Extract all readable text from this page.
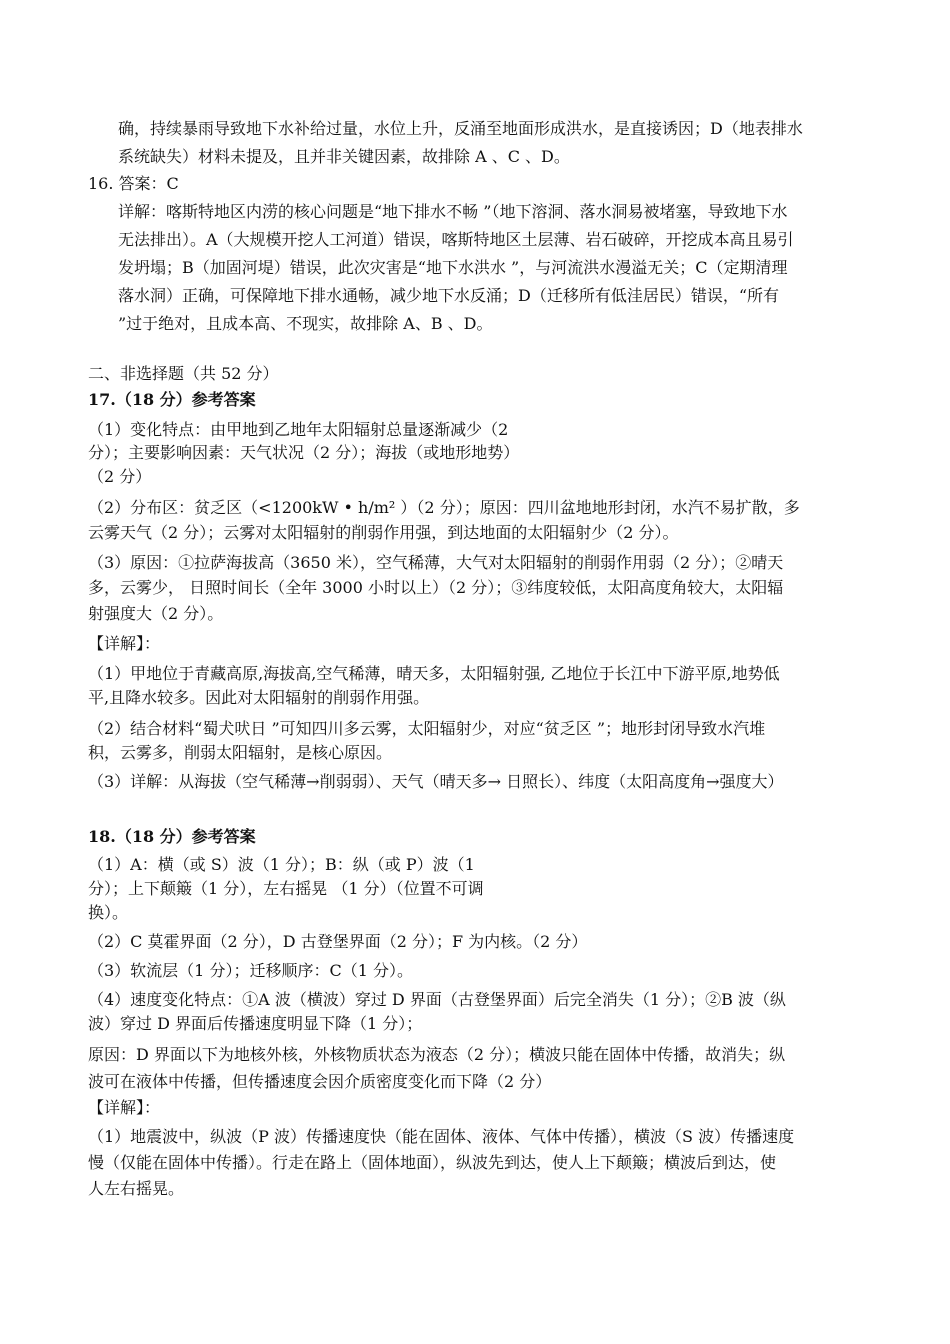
确，持续暴雨导致地下水补给过量，水位上升，反涌至地面形成洪水，是直接诱因；D（地表排水
系统缺失）材料未提及，且并非关键因素，故排除 A 、C 、D。
16. 答案：C
详解：喀斯特地区内涝的核心问题是“地下排水不畅 ”（地下溶洞、落水洞易被堵塞，导致地下水
无法排出）。A（大规模开挖人工河道）错误，喀斯特地区土层薄、岩石破碎，开挖成本高且易引
发坍塌；B（加固河堤）错误，此次灾害是“地下水洪水 ”，与河流洪水漫溢无关；C（定期清理
落水洞）正确，可保障地下排水通畅，减少地下水反涌；D（迁移所有低洼居民）错误，“所有
”过于绝对，且成本高、不现实，故排除 A、B 、D。
二、非选择题（共 52 分）
17.（18 分）参考答案
（1）变化特点：由甲地到乙地年太阳辐射总量逐渐减少（2
分）；主要影响因素：天气状况（2 分）；海拔（或地形地势）
（2 分）
（2）分布区：贫乏区（<1200kW • h/m² ）（2 分）；原因：四川盆地地形封闭，水汽不易扩散，多
云雾天气（2 分）；云雾对太阳辐射的削弱作用强，到达地面的太阳辐射少（2 分）。
（3）原因：①拉萨海拔高（3650 米），空气稀薄，大气对太阳辐射的削弱作用弱（2 分）；②晴天
多，云雾少， 日照时间长（全年 3000 小时以上）（2 分）；③纬度较低，太阳高度角较大，太阳辐
射强度大（2 分）。
【详解】：
（1）甲地位于青藏高原,海拔高,空气稀薄，晴天多，太阳辐射强, 乙地位于长江中下游平原,地势低
平,且降水较多。因此对太阳辐射的削弱作用强。
（2）结合材料“蜀犬吠日 ”可知四川多云雾，太阳辐射少，对应“贫乏区 ”；地形封闭导致水汽堆
积，云雾多，削弱太阳辐射，是核心原因。
（3）详解：从海拔（空气稀薄→削弱弱）、天气（晴天多→ 日照长）、纬度（太阳高度角→强度大）
18.（18 分）参考答案
（1）A：横（或 S）波（1 分）；B：纵（或 P）波（1
分）；上下颠簸（1 分），左右摇晃 （1 分）（位置不可调
换）。
（2）C 莫霍界面（2 分），D 古登堡界面（2 分）；F 为内核。（2 分）
（3）软流层（1 分）；迁移顺序：C（1 分）。
（4）速度变化特点：①A 波（横波）穿过 D 界面（古登堡界面）后完全消失（1 分）；②B 波（纵
波）穿过 D 界面后传播速度明显下降（1 分）；
原因：D 界面以下为地核外核，外核物质状态为液态（2 分）；横波只能在固体中传播，故消失；纵
波可在液体中传播，但传播速度会因介质密度变化而下降（2 分）
【详解】：
（1）地震波中，纵波（P 波）传播速度快（能在固体、液体、气体中传播），横波（S 波）传播速度
慢（仅能在固体中传播）。行走在路上（固体地面），纵波先到达，使人上下颠簸；横波后到达，使
人左右摇晃。
